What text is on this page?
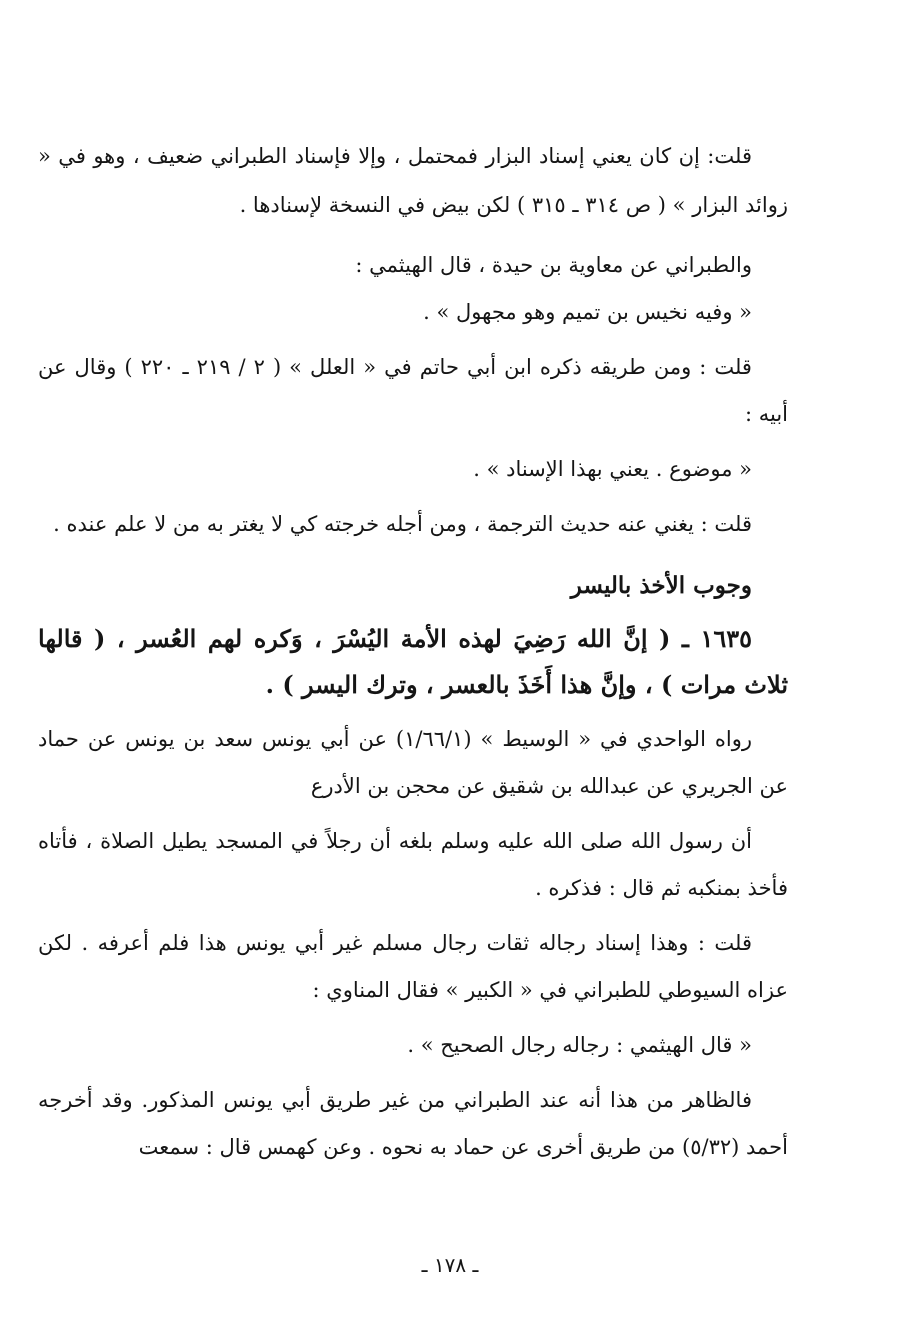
قلت: إن كان يعني إسناد البزار فمحتمل ، وإلا فإسناد الطبراني ضعيف ، وهو في « زوائد البزار » ( ص ٣١٤ ـ ٣١٥ ) لكن بيض في النسخة لإسنادها .

والطبراني عن معاوية بن حيدة ، قال الهيثمي :

« وفيه نخيس بن تميم وهو مجهول » .

قلت : ومن طريقه ذكره ابن أبي حاتم في « العلل » ( ٢ / ٢١٩ ـ ٢٢٠ ) وقال عن أبيه :

« موضوع . يعني بهذا الإسناد » .

قلت : يغني عنه حديث الترجمة ، ومن أجله خرجته كي لا يغتر به من لا علم عنده .

وجوب الأخذ باليسر

١٦٣٥ ـ ( إنَّ الله رَضِيَ لهذه الأمة اليُسْرَ ، وَكره لهم العُسر ، ( قالها ثلاث مرات ) ، وإنَّ هذا أَخَذَ بالعسر ، وترك اليسر ) .

رواه الواحدي في « الوسيط » (١/٦٦/١) عن أبي يونس سعد بن يونس عن حماد عن الجريري عن عبدالله بن شقيق عن محجن بن الأدرع

أن رسول الله صلى الله عليه وسلم بلغه أن رجلاً في المسجد يطيل الصلاة ، فأتاه فأخذ بمنكبه ثم قال : فذكره .

قلت : وهذا إسناد رجاله ثقات رجال مسلم غير أبي يونس هذا فلم أعرفه . لكن عزاه السيوطي للطبراني في « الكبير » فقال المناوي :

« قال الهيثمي : رجاله رجال الصحيح » .

فالظاهر من هذا أنه عند الطبراني من غير طريق أبي يونس المذكور. وقد أخرجه أحمد (٥/٣٢) من طريق أخرى عن حماد به نحوه . وعن كهمس قال : سمعت

ـ ١٧٨ ـ
